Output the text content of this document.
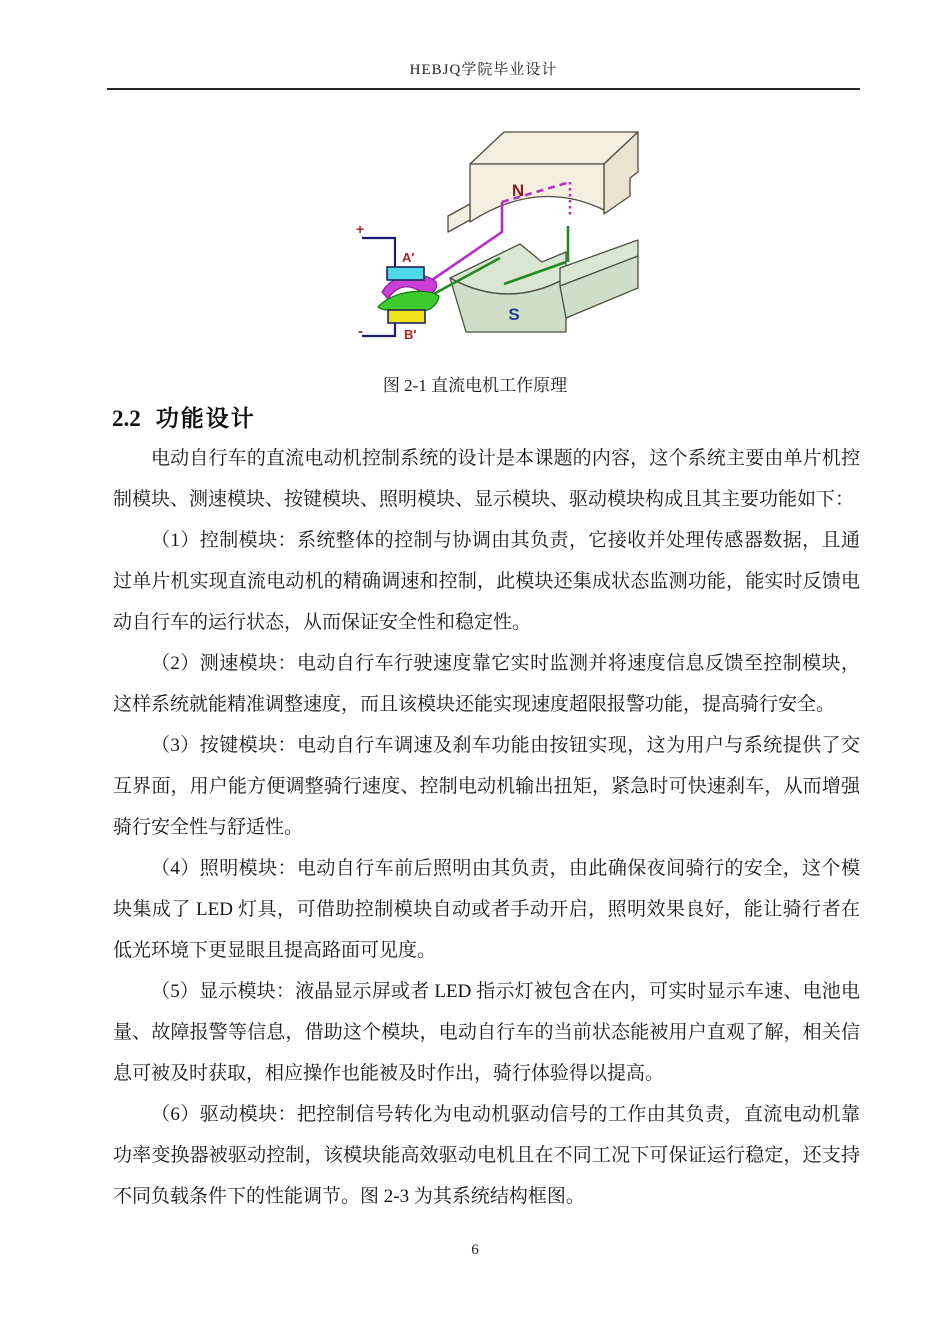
HEBJQ学院毕业设计
S
N
+
-
A′
B′
图 2-1 直流电机工作原理
2.2 功能设计

电动自行车的直流电动机控制系统的设计是本课题的内容，这个系统主要由单片机控制模块、测速模块、按键模块、照明模块、显示模块、驱动模块构成且其主要功能如下：

（1）控制模块：系统整体的控制与协调由其负责，它接收并处理传感器数据，且通过单片机实现直流电动机的精确调速和控制，此模块还集成状态监测功能，能实时反馈电动自行车的运行状态，从而保证安全性和稳定性。

（2）测速模块：电动自行车行驶速度靠它实时监测并将速度信息反馈至控制模块，这样系统就能精准调整速度，而且该模块还能实现速度超限报警功能，提高骑行安全。

（3）按键模块：电动自行车调速及刹车功能由按钮实现，这为用户与系统提供了交互界面，用户能方便调整骑行速度、控制电动机输出扭矩，紧急时可快速刹车，从而增强骑行安全性与舒适性。

（4）照明模块：电动自行车前后照明由其负责，由此确保夜间骑行的安全，这个模块集成了 LED 灯具，可借助控制模块自动或者手动开启，照明效果良好，能让骑行者在低光环境下更显眼且提高路面可见度。

（5）显示模块：液晶显示屏或者 LED 指示灯被包含在内，可实时显示车速、电池电量、故障报警等信息，借助这个模块，电动自行车的当前状态能被用户直观了解，相关信息可被及时获取，相应操作也能被及时作出，骑行体验得以提高。

（6）驱动模块：把控制信号转化为电动机驱动信号的工作由其负责，直流电动机靠功率变换器被驱动控制，该模块能高效驱动电机且在不同工况下可保证运行稳定，还支持不同负载条件下的性能调节。图 2-3 为其系统结构框图。

6
